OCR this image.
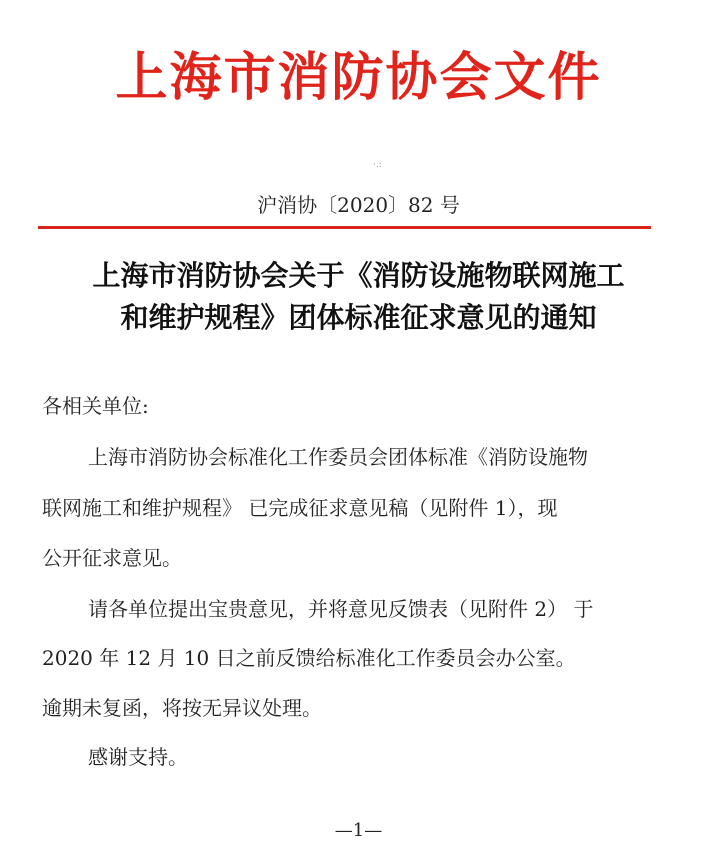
上海市消防协会文件
·.:
沪消协〔2020〕82 号
上海市消防协会关于《消防设施物联网施工
和维护规程》团体标准征求意见的通知
各相关单位:
上海市消防协会标准化工作委员会团体标准《消防设施物
联网施工和维护规程》 已完成征求意见稿（见附件 1），现
公开征求意见。
请各单位提出宝贵意见，并将意见反馈表（见附件 2） 于
2020 年 12 月 10 日之前反馈给标准化工作委员会办公室。
逾期未复函，将按无异议处理。
感谢支持。
—1—
